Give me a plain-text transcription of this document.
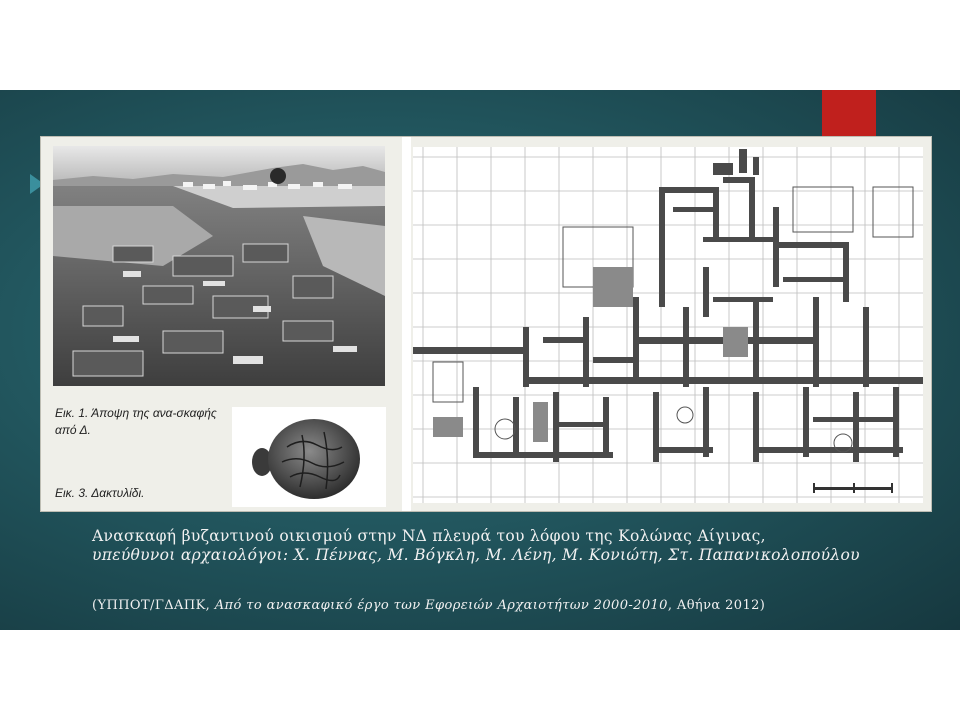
Εικ. 1. Άποψη της ανα-σκαφής από Δ.
Εικ. 3. Δακτυλίδι.
Ανασκαφή βυζαντινού οικισμού στην ΝΔ πλευρά του λόφου της Κολώνας Αίγινας,
υπεύθυνοι αρχαιολόγοι: Χ. Πέννας, Μ. Βόγκλη, Μ. Λένη, Μ. Κονιώτη, Στ. Παπανικολοπούλου
(ΥΠΠΟΤ/ΓΔΑΠΚ, Από το ανασκαφικό έργο των Εφορειών Αρχαιοτήτων 2000-2010, Αθήνα 2012)
